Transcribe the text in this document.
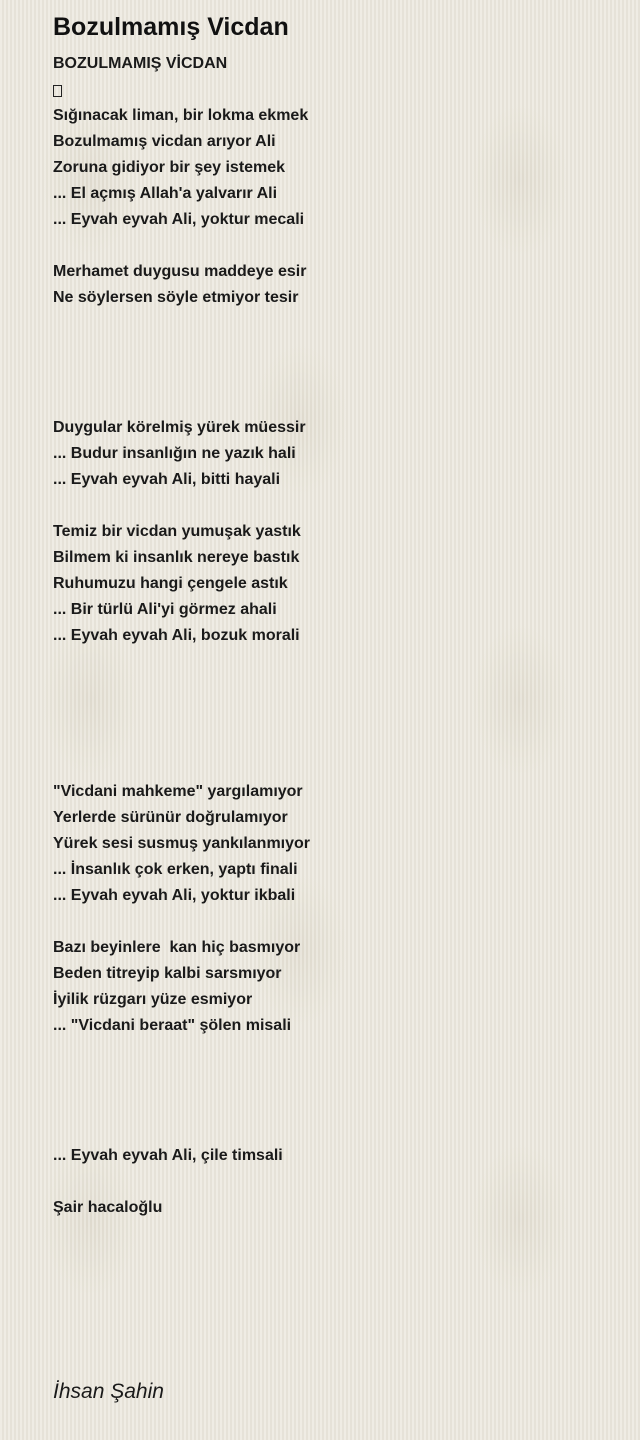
Bozulmamış Vicdan
BOZULMAMIŞ VİCDAN
Sığınacak liman, bir lokma ekmek
Bozulmamış vicdan arıyor Ali
Zoruna gidiyor bir şey istemek
... El açmış Allah'a yalvarır Ali
... Eyvah eyvah Ali, yoktur mecali
Merhamet duygusu maddeye esir
Ne söylersen söyle etmiyor tesir
Duygular körelmiş yürek müessir
... Budur insanlığın ne yazık hali
... Eyvah eyvah Ali, bitti hayali
Temiz bir vicdan yumuşak yastık
Bilmem ki insanlık nereye bastık
Ruhumuzu hangi çengele astık
... Bir türlü Ali'yi görmez ahali
... Eyvah eyvah Ali, bozuk morali
"Vicdani mahkeme" yargılamıyor
Yerlerde sürünür doğrulamıyor
Yürek sesi susmuş yankılanmıyor
... İnsanlık çok erken, yaptı finali
... Eyvah eyvah Ali, yoktur ikbali
Bazı beyinlere  kan hiç basmıyor
Beden titreyip kalbi sarsmıyor
İyilik rüzgarı yüze esmiyor
... "Vicdani beraat" şölen misali
... Eyvah eyvah Ali, çile timsali
Şair hacaloğlu
İhsan Şahin
